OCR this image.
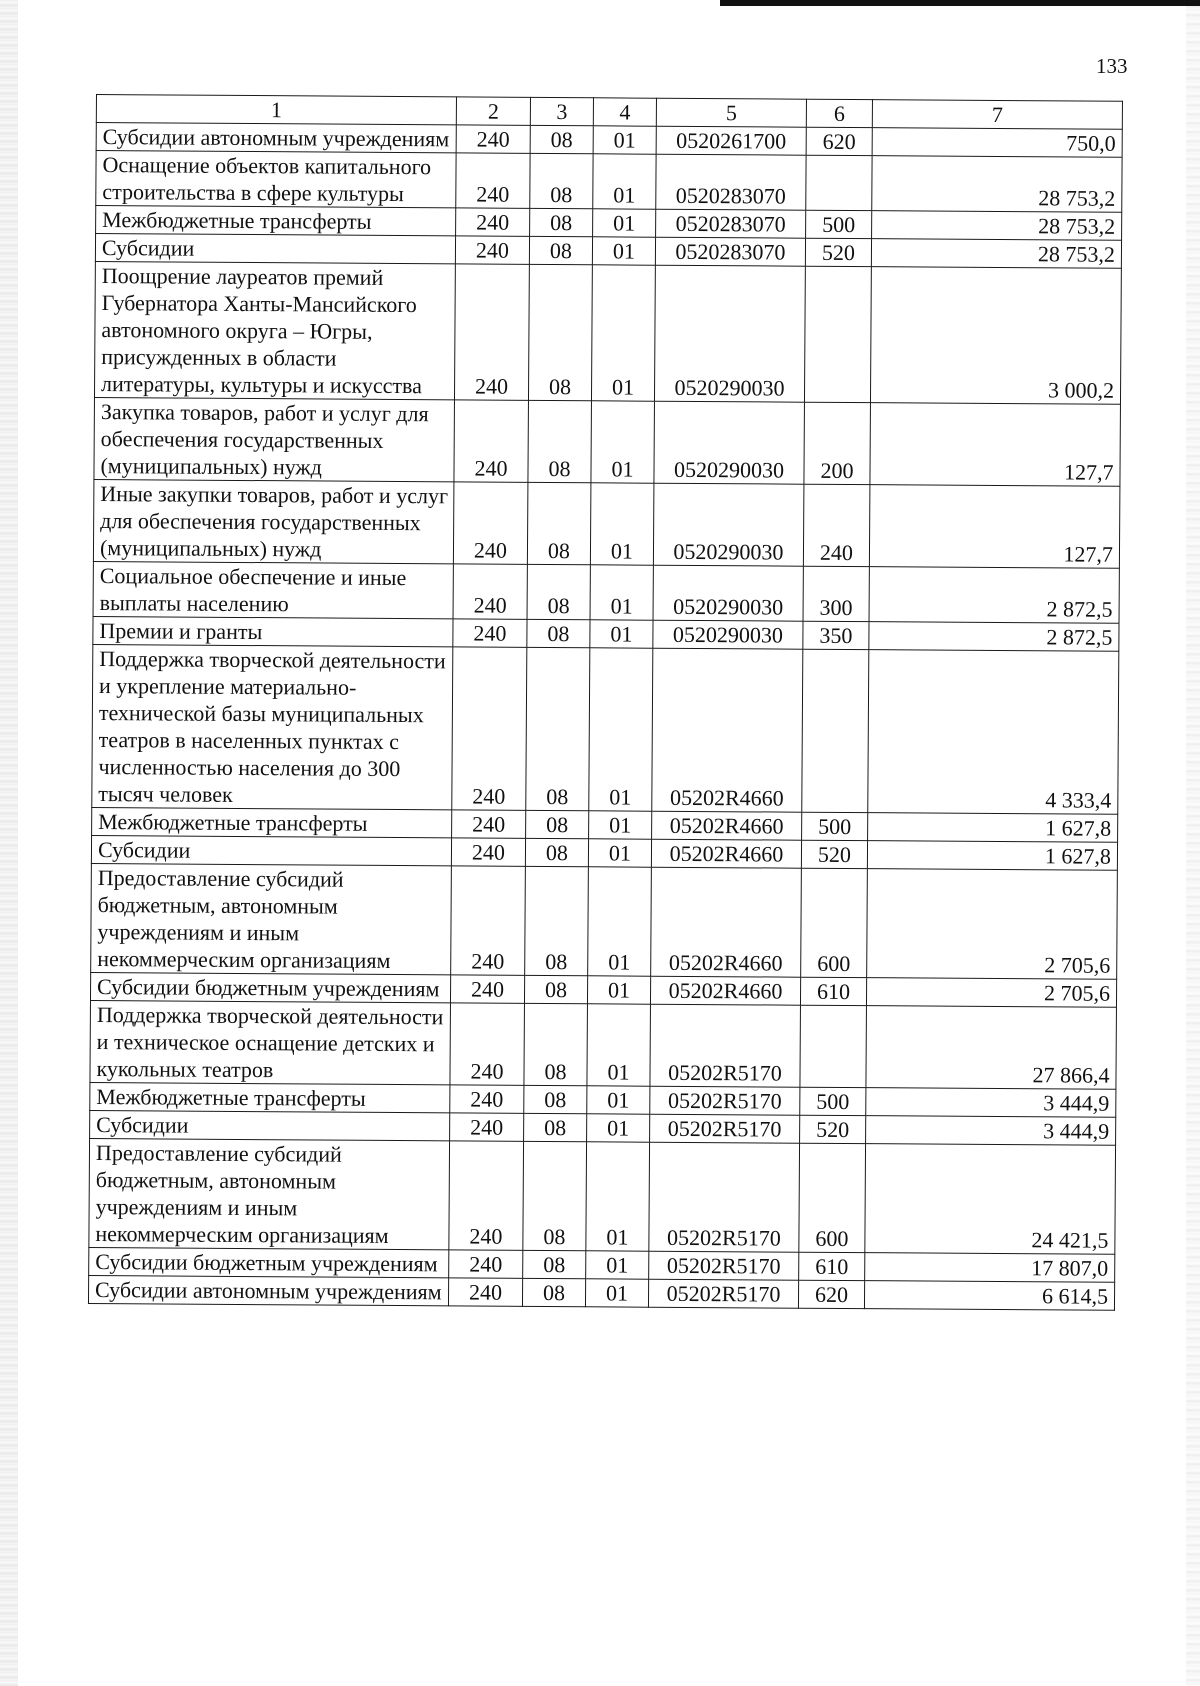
133
1	2	3	4	5	6	7
Субсидии автономным учреждениям	240	08	01	0520261700	620	750,0
Оснащение объектов капитального строительства в сфере культуры	240	08	01	0520283070		28 753,2
Межбюджетные трансферты	240	08	01	0520283070	500	28 753,2
Субсидии	240	08	01	0520283070	520	28 753,2
Поощрение лауреатов премий Губернатора Ханты-Мансийского автономного округа – Югры, присужденных в области литературы, культуры и искусства	240	08	01	0520290030		3 000,2
Закупка товаров, работ и услуг для обеспечения государственных (муниципальных) нужд	240	08	01	0520290030	200	127,7
Иные закупки товаров, работ и услуг для обеспечения государственных (муниципальных) нужд	240	08	01	0520290030	240	127,7
Социальное обеспечение и иные выплаты населению	240	08	01	0520290030	300	2 872,5
Премии и гранты	240	08	01	0520290030	350	2 872,5
Поддержка творческой деятельности и укрепление материально-технической базы муниципальных театров в населенных пунктах с численностью населения до 300 тысяч человек	240	08	01	05202R4660		4 333,4
Межбюджетные трансферты	240	08	01	05202R4660	500	1 627,8
Субсидии	240	08	01	05202R4660	520	1 627,8
Предоставление субсидий бюджетным, автономным учреждениям и иным некоммерческим организациям	240	08	01	05202R4660	600	2 705,6
Субсидии бюджетным учреждениям	240	08	01	05202R4660	610	2 705,6
Поддержка творческой деятельности и техническое оснащение детских и кукольных театров	240	08	01	05202R5170		27 866,4
Межбюджетные трансферты	240	08	01	05202R5170	500	3 444,9
Субсидии	240	08	01	05202R5170	520	3 444,9
Предоставление субсидий бюджетным, автономным учреждениям и иным некоммерческим организациям	240	08	01	05202R5170	600	24 421,5
Субсидии бюджетным учреждениям	240	08	01	05202R5170	610	17 807,0
Субсидии автономным учреждениям	240	08	01	05202R5170	620	6 614,5
